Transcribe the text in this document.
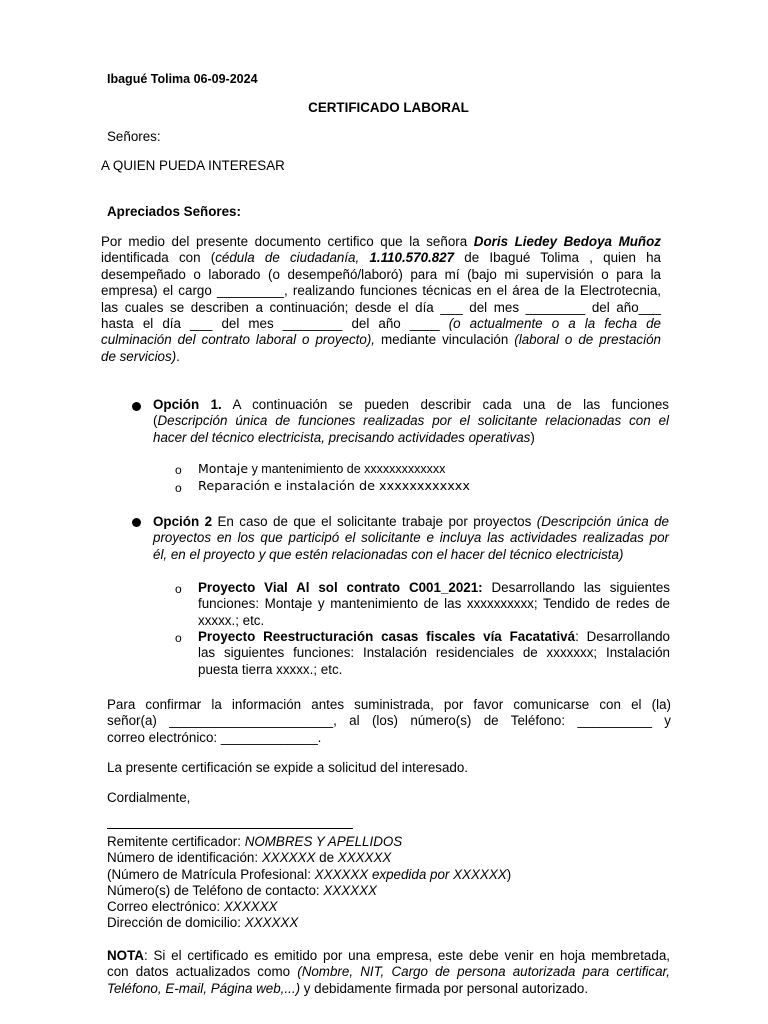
Ibagué Tolima 06-09-2024
CERTIFICADO LABORAL
Señores:
A QUIEN PUEDA INTERESAR
Apreciados Señores:
Por medio del presente documento certifico que la señora Doris Liedey Bedoya Muñoz
identificada con (cédula de ciudadanía, 1.110.570.827 de Ibagué Tolima , quien ha
desempeñado o laborado (o desempeñó/laboró) para mí (bajo mi supervisión o para la
empresa) el cargo _________, realizando funciones técnicas en el área de la Electrotecnia,
las cuales se describen a continuación; desde el día ___ del mes ________ del año___
hasta el día ___ del mes ________ del año ____ (o actualmente o a la fecha de
culminación del contrato laboral o proyecto), mediante vinculación (laboral o de prestación
de servicios).
Opción 1. A continuación se pueden describir cada una de las funciones
(Descripción única de funciones realizadas por el solicitante relacionadas con el
hacer del técnico electricista, precisando actividades operativas)
o Montaje y mantenimiento de xxxxxxxxxxxxx
o Reparación e instalación de xxxxxxxxxxxx
Opción 2 En caso de que el solicitante trabaje por proyectos (Descripción única de
proyectos en los que participó el solicitante e incluya las actividades realizadas por
él, en el proyecto y que estén relacionadas con el hacer del técnico electricista)
o Proyecto Vial Al sol contrato C001_2021: Desarrollando las siguientes
funciones: Montaje y mantenimiento de las xxxxxxxxxx; Tendido de redes de
xxxxx.; etc.
o Proyecto Reestructuración casas fiscales vía Facatativá: Desarrollando
las siguientes funciones: Instalación residenciales de xxxxxxx; Instalación
puesta tierra xxxxx.; etc.
Para confirmar la información antes suministrada, por favor comunicarse con el (la)
señor(a) ______________________, al (los) número(s) de Teléfono: __________ y
correo electrónico: _____________.
La presente certificación se expide a solicitud del interesado.
Cordialmente,
Remitente certificador: NOMBRES Y APELLIDOS
Número de identificación: XXXXXX de XXXXXX
(Número de Matrícula Profesional: XXXXXX expedida por XXXXXX)
Número(s) de Teléfono de contacto: XXXXXX
Correo electrónico: XXXXXX
Dirección de domicilio: XXXXXX
NOTA: Si el certificado es emitido por una empresa, este debe venir en hoja membretada,
con datos actualizados como (Nombre, NIT, Cargo de persona autorizada para certificar,
Teléfono, E-mail, Página web,...) y debidamente firmada por personal autorizado.
